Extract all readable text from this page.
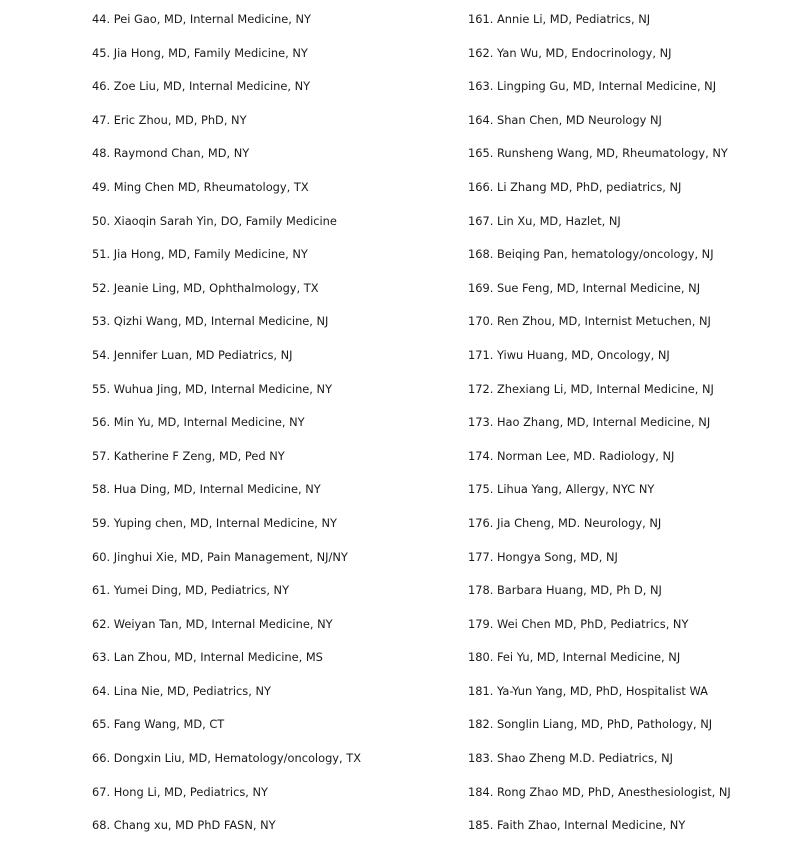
44. Pei Gao, MD, Internal Medicine, NY
45. Jia Hong, MD, Family Medicine, NY
46. Zoe Liu, MD, Internal Medicine, NY
47. Eric Zhou, MD, PhD, NY
48. Raymond Chan, MD, NY
49. Ming Chen MD, Rheumatology, TX
50. Xiaoqin Sarah Yin, DO, Family Medicine
51. Jia Hong, MD, Family Medicine, NY
52. Jeanie Ling, MD, Ophthalmology, TX
53. Qizhi Wang, MD, Internal Medicine, NJ
54. Jennifer Luan, MD Pediatrics, NJ
55. Wuhua Jing, MD, Internal Medicine, NY
56. Min Yu, MD, Internal Medicine, NY
57. Katherine F Zeng, MD, Ped NY
58. Hua Ding, MD, Internal Medicine, NY
59. Yuping chen, MD, Internal Medicine, NY
60. Jinghui Xie, MD, Pain Management, NJ/NY
61. Yumei Ding, MD, Pediatrics, NY
62. Weiyan Tan, MD, Internal Medicine, NY
63. Lan Zhou, MD, Internal Medicine, MS
64. Lina Nie, MD, Pediatrics, NY
65. Fang Wang, MD, CT
66. Dongxin Liu, MD, Hematology/oncology, TX
67. Hong Li, MD, Pediatrics, NY
68. Chang xu, MD PhD FASN, NY
161. Annie Li, MD, Pediatrics, NJ
162. Yan Wu, MD, Endocrinology, NJ
163. Lingping Gu, MD, Internal Medicine, NJ
164. Shan Chen, MD Neurology NJ
165. Runsheng Wang, MD, Rheumatology, NY
166. Li Zhang MD, PhD, pediatrics, NJ
167. Lin Xu, MD, Hazlet, NJ
168. Beiqing Pan, hematology/oncology, NJ
169. Sue Feng, MD, Internal Medicine, NJ
170. Ren Zhou, MD, Internist Metuchen, NJ
171. Yiwu Huang, MD, Oncology, NJ
172. Zhexiang Li, MD, Internal Medicine, NJ
173. Hao Zhang, MD, Internal Medicine, NJ
174. Norman Lee, MD. Radiology, NJ
175. Lihua Yang, Allergy, NYC NY
176. Jia Cheng, MD. Neurology, NJ
177. Hongya Song, MD, NJ
178. Barbara Huang, MD, Ph D, NJ
179. Wei Chen MD, PhD, Pediatrics, NY
180. Fei Yu, MD, Internal Medicine, NJ
181. Ya-Yun Yang, MD, PhD, Hospitalist WA
182. Songlin Liang, MD, PhD, Pathology, NJ
183. Shao Zheng M.D. Pediatrics, NJ
184. Rong Zhao MD, PhD, Anesthesiologist, NJ
185. Faith Zhao, Internal Medicine, NY
